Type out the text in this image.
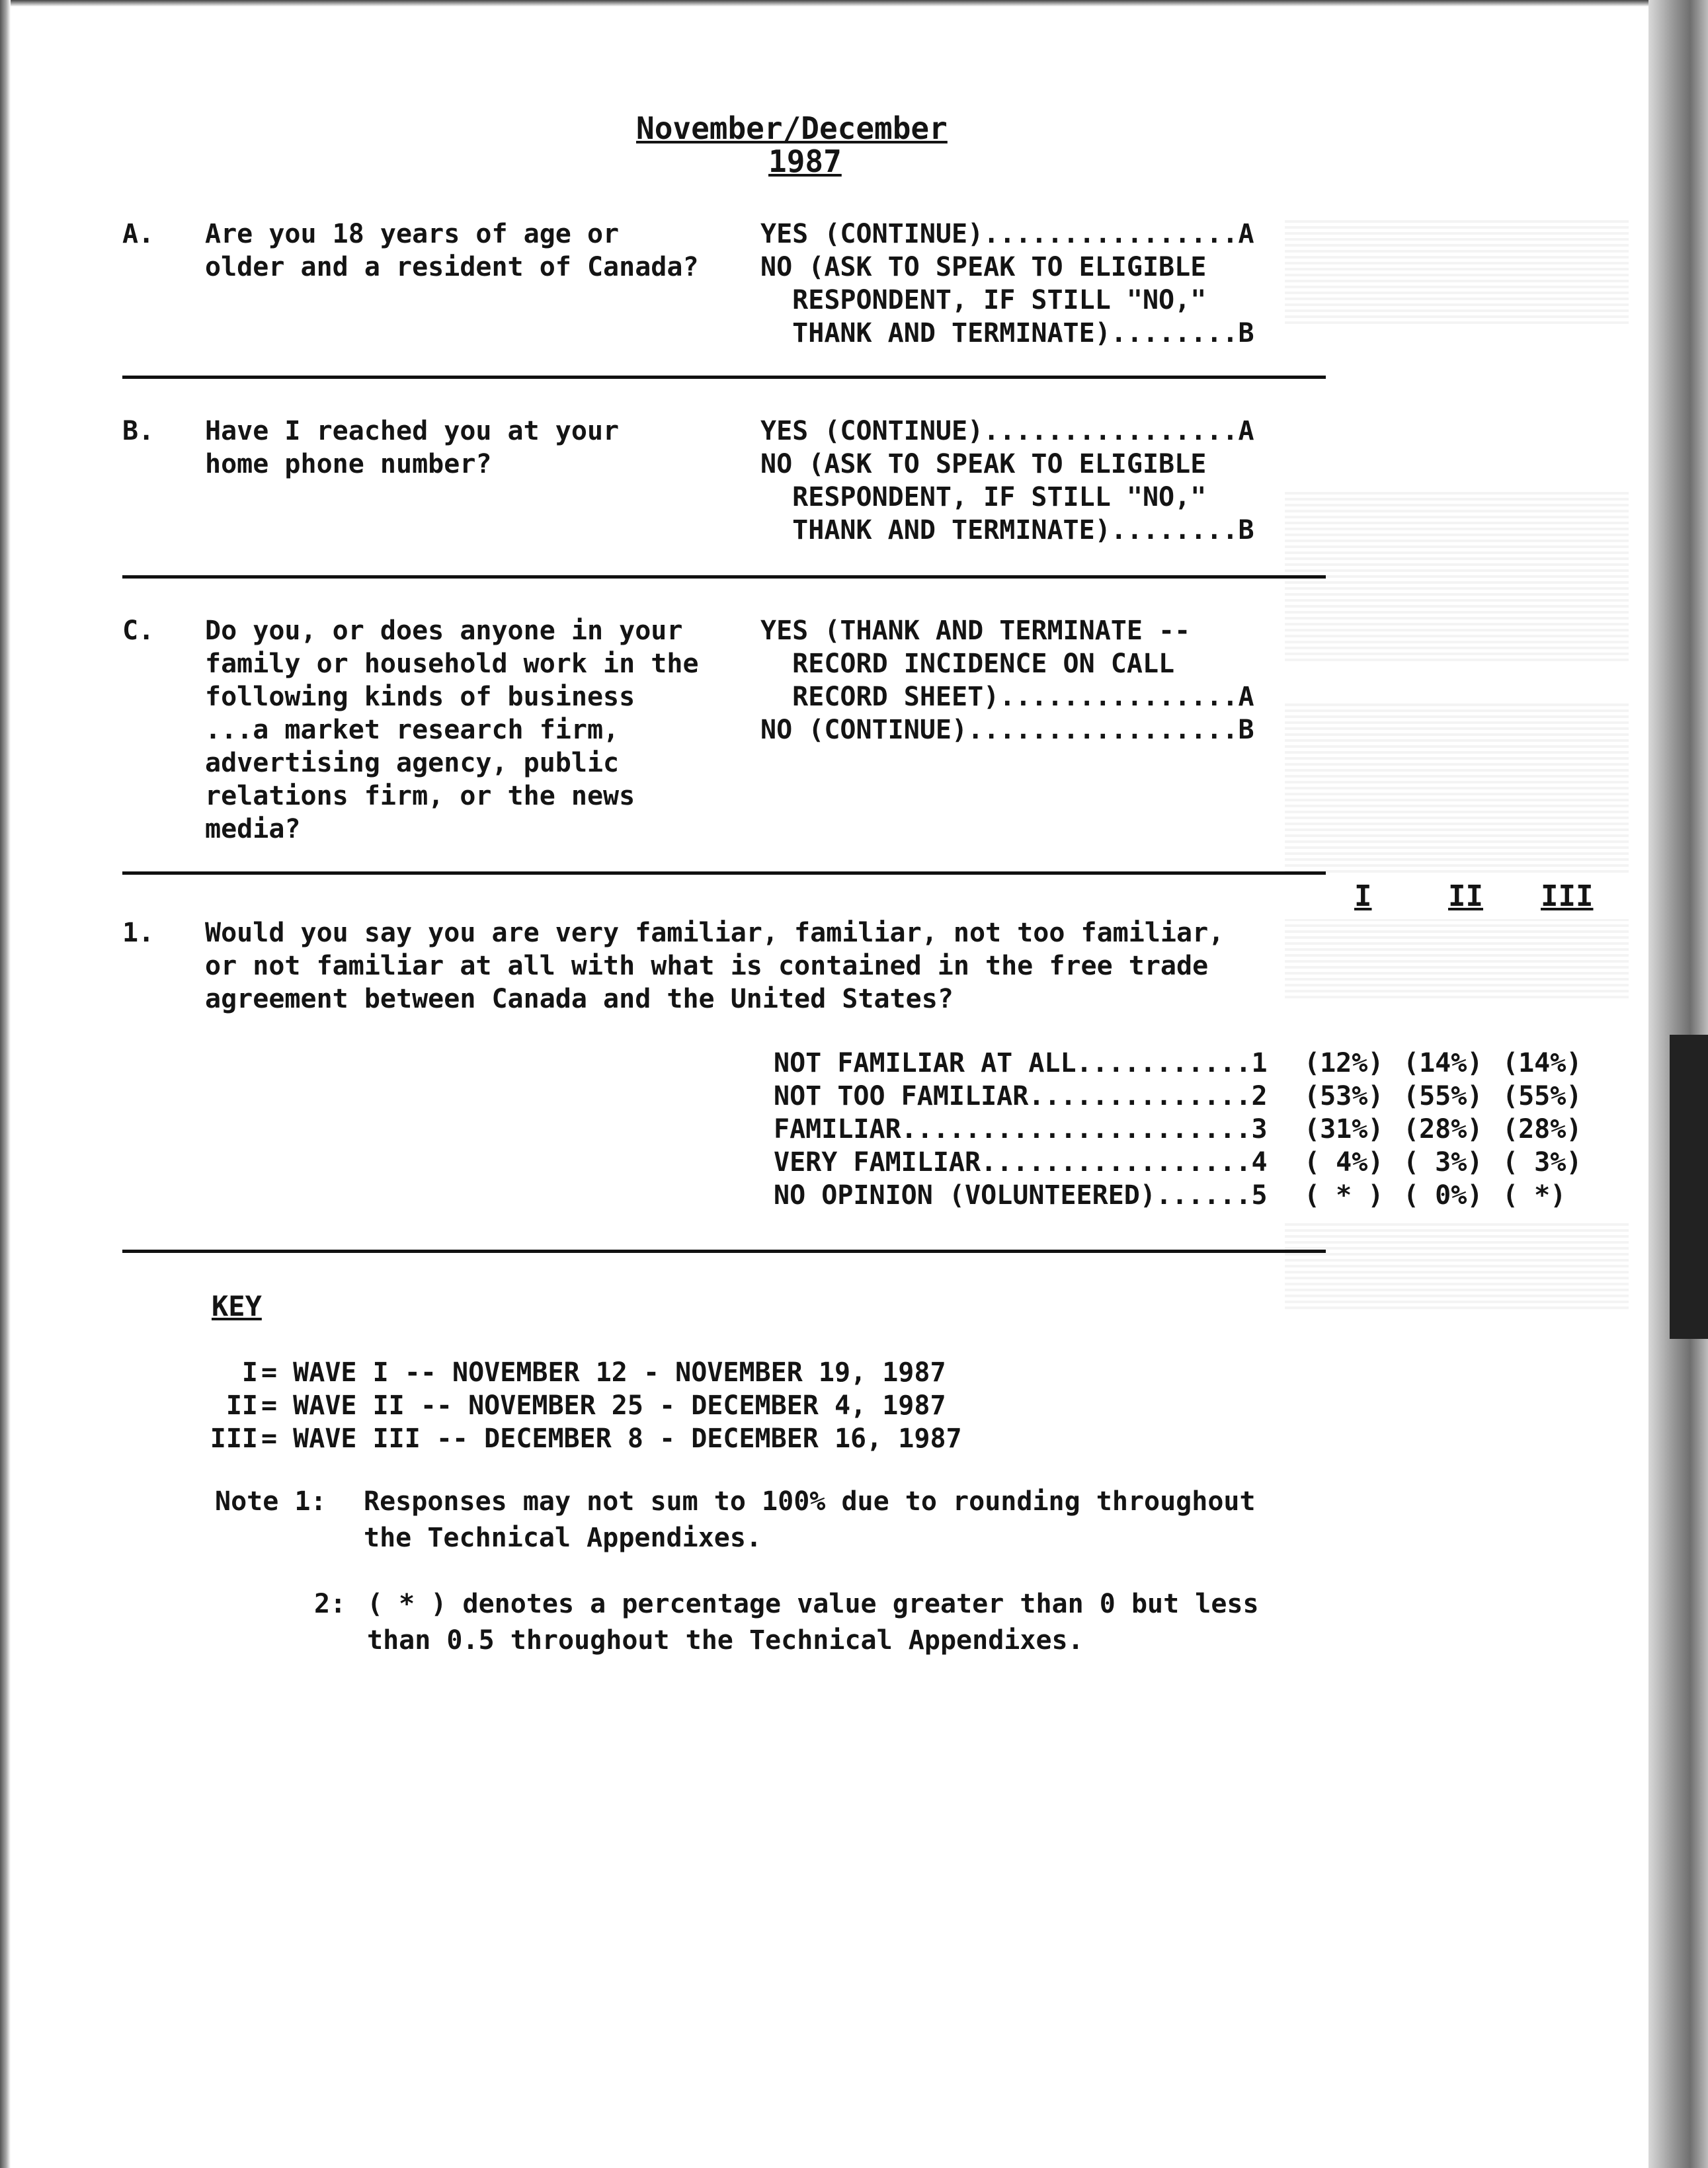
November/December
1987
A. Are you 18 years of age or
older and a resident of Canada?
YES (CONTINUE)................A
NO (ASK TO SPEAK TO ELIGIBLE
RESPONDENT, IF STILL "NO,"
THANK AND TERMINATE)........B
B. Have I reached you at your
home phone number?
YES (CONTINUE)................A
NO (ASK TO SPEAK TO ELIGIBLE
RESPONDENT, IF STILL "NO,"
THANK AND TERMINATE)........B
C. Do you, or does anyone in your
family or household work in the
following kinds of business
...a market research firm,
advertising agency, public
relations firm, or the news
media?
YES (THANK AND TERMINATE --
RECORD INCIDENCE ON CALL
RECORD SHEET)...............A
NO (CONTINUE).................B
I	II III
1. Would you say you are very familiar, familiar, not too familiar,
or not familiar at all with what is contained in the free trade
agreement between Canada and the United States?
NOT FAMILIAR AT ALL...........1 (12%) (14%) (14%)
NOT TOO FAMILIAR..............2 (53%) (55%) (55%)
FAMILIAR......................3 (31%) (28%) (28%)
VERY FAMILIAR.................4 ( 4%) ( 3%) ( 3%)
NO OPINION (VOLUNTEERED)......5 ( * ) ( 0%) ( *)
KEY
I = WAVE I -- NOVEMBER 12 - NOVEMBER 19, 1987
II = WAVE II -- NOVEMBER 25 - DECEMBER 4, 1987
III = WAVE III -- DECEMBER 8 - DECEMBER 16, 1987
Note 1: Responses may not sum to 100% due to rounding throughout
the Technical Appendixes.
2: ( * ) denotes a percentage value greater than 0 but less
than 0.5 throughout the Technical Appendixes.
